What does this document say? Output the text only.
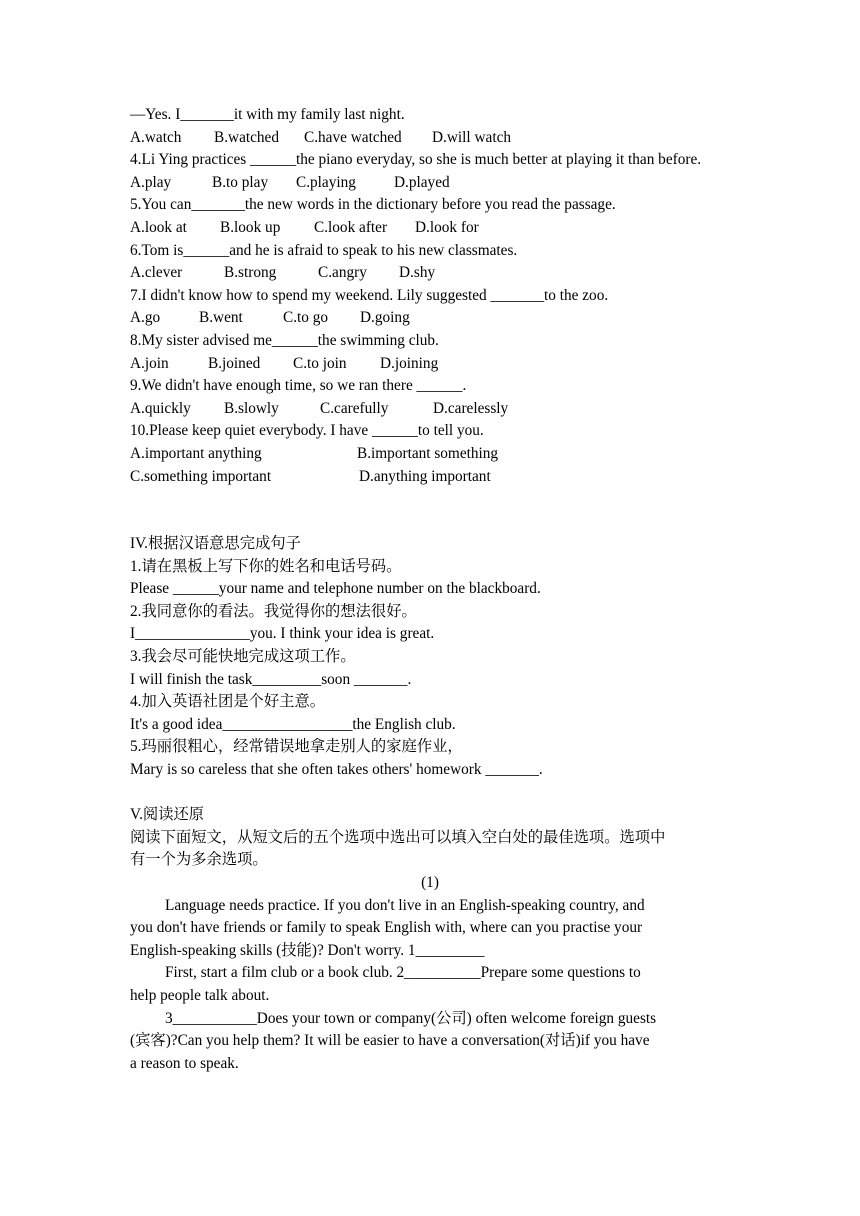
—Yes. I_______it with my family last night.
A.watch	B.watched	C.have watched	D.will watch
4.Li Ying practices ______the piano everyday, so she is much better at playing it than before.
A.play	B.to play	C.playing	D.played
5.You can_______the new words in the dictionary before you read the passage.
A.look at	B.look up	C.look after	D.look for
6.Tom is______and he is afraid to speak to his new classmates.
A.clever	B.strong	C.angry	D.shy
7.I didn't know how to spend my weekend. Lily suggested _______to the zoo.
A.go	B.went	C.to go	D.going
8.My sister advised me______the swimming club.
A.join	B.joined	C.to join	D.joining
9.We didn't have enough time, so we ran there ______.
A.quickly	B.slowly	C.carefully	D.carelessly
10.Please keep quiet everybody. I have ______to tell you.
A.important anything	B.important something
C.something important	D.anything important
IV.根据汉语意思完成句子
1.请在黑板上写下你的姓名和电话号码。
Please ______your name and telephone number on the blackboard.
2.我同意你的看法。我觉得你的想法很好。
I_______________you. I think your idea is great.
3.我会尽可能快地完成这项工作。
I will finish the task_________soon _______.
4.加入英语社团是个好主意。
It's a good idea_________________the English club.
5.玛丽很粗心，经常错误地拿走别人的家庭作业，
Mary is so careless that she often takes others' homework _______.
V.阅读还原
阅读下面短文，从短文后的五个选项中选出可以填入空白处的最佳选项。选项中
有一个为多余选项。
(1)
Language needs practice. If you don't live in an English-speaking country, and
you don't have friends or family to speak English with, where can you practise your
English-speaking skills (技能)? Don't worry. 1_________
First, start a film club or a book club. 2__________Prepare some questions to
help people talk about.
3___________Does your town or company(公司) often welcome foreign guests
(宾客)?Can you help them? It will be easier to have a conversation(对话)if you have
a reason to speak.
